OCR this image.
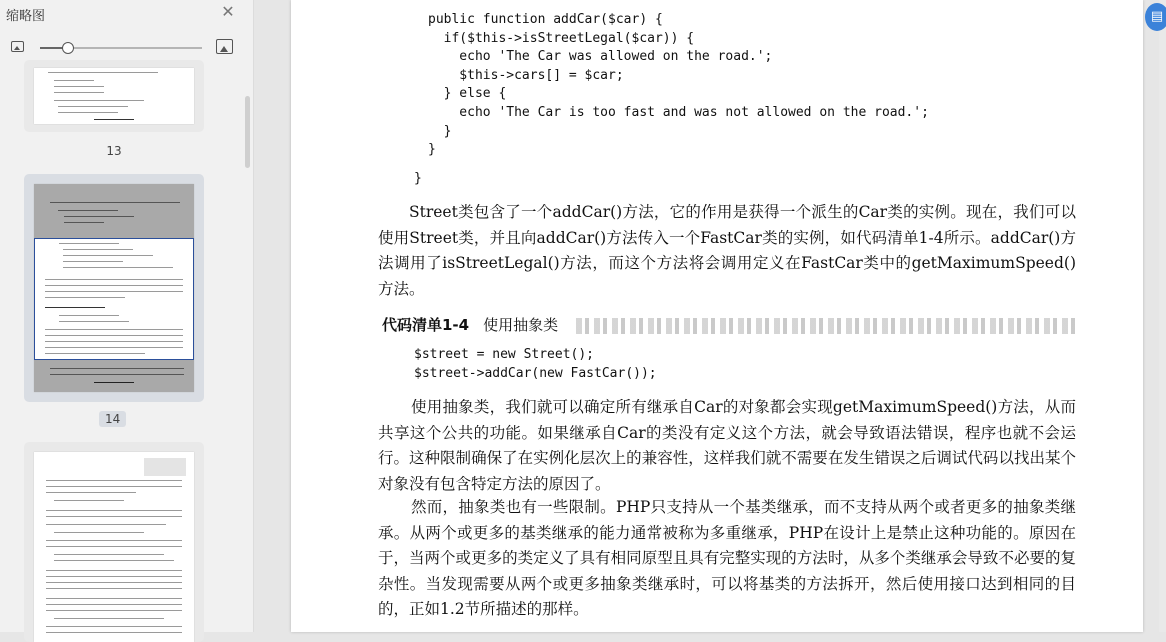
缩略图	✕
13
14
public function addCar($car) {
if($this->isStreetLegal($car)) {
echo 'The Car was allowed on the road.';
$this->cars[] = $car;
} else {
echo 'The Car is too fast and was not allowed on the road.';
}
}
}

Street类包含了一个addCar()方法，它的作用是获得一个派生的Car类的实例。现在，我们可以使用Street类，并且向addCar()方法传入一个FastCar类的实例，如代码清单1-4所示。addCar()方法调用了isStreetLegal()方法，而这个方法将会调用定义在FastCar类中的getMaximumSpeed()方法。

代码清单1-4 使用抽象类
$street = new Street();
$street->addCar(new FastCar());

使用抽象类，我们就可以确定所有继承自Car的对象都会实现getMaximumSpeed()方法，从而共享这个公共的功能。如果继承自Car的类没有定义这个方法，就会导致语法错误，程序也就不会运行。这种限制确保了在实例化层次上的兼容性，这样我们就不需要在发生错误之后调试代码以找出某个对象没有包含特定方法的原因了。

然而，抽象类也有一些限制。PHP只支持从一个基类继承，而不支持从两个或者更多的抽象类继承。从两个或更多的基类继承的能力通常被称为多重继承，PHP在设计上是禁止这种功能的。原因在于，当两个或更多的类定义了具有相同原型且具有完整实现的方法时，从多个类继承会导致不必要的复杂性。当发现需要从两个或更多抽象类继承时，可以将基类的方法拆开，然后使用接口达到相同的目的，正如1.2节所描述的那样。

▤
